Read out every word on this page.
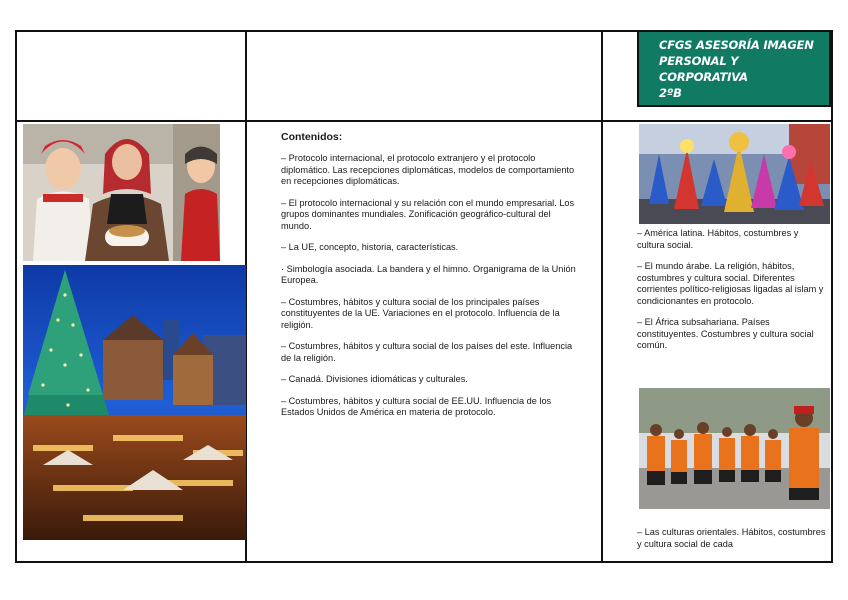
CFGS ASESORÍA IMAGEN
PERSONAL Y CORPORATIVA
2ºB
Contenidos:

– Protocolo internacional, el protocolo extranjero y el protocolo diplomático. Las recepciones diplomáticas, modelos de comportamiento en recepciones diplomáticas.

– El protocolo internacional y su relación con el mundo empresarial. Los grupos dominantes mundiales. Zonificación geográfico-cultural del mundo.

– La UE, concepto, historia, características.

· Simbología asociada. La bandera y el himno. Organigrama de la Unión Europea.

– Costumbres, hábitos y cultura social de los principales países constituyentes de la UE. Variaciones en el protocolo. Influencia de la religión.

– Costumbres, hábitos y cultura social de los países del este. Influencia de la religión.

– Canadá. Divisiones idiomáticas y culturales.

– Costumbres, hábitos y cultura social de EE.UU. Influencia de los Estados Unidos de América en materia de protocolo.

– América latina. Hábitos, costumbres y cultura social.

– El mundo árabe. La religión, hábitos, costumbres y cultura social. Diferentes corrientes político-religiosas ligadas al islam y condicionantes en protocolo.

– El África subsahariana. Países constituyentes. Costumbres y cultura social común.

– Las culturas orientales. Hábitos, costumbres y cultura social de cada
